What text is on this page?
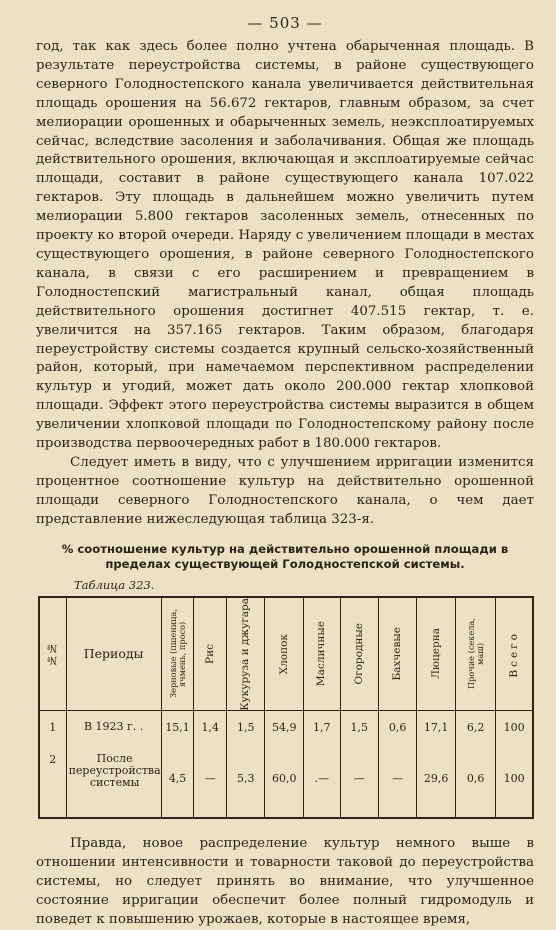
— 503 —

год, так как здесь более полно учтена обарыченная площадь. В результате переустройства системы, в районе существующего северного Голодностепского канала увеличивается действительная площадь орошения на 56.672 гектаров, главным образом, за счет мелиорации орошенных и обарыченных земель, неэксплоатируемых сейчас, вследствие засоления и заболачивания. Общая же площадь действительного орошения, включающая и эксплоатируемые сейчас площади, составит в районе существующего канала 107.022 гектаров. Эту площадь в дальнейшем можно увеличить путем мелиорации 5.800 гектаров засоленных земель, отнесенных по проекту ко второй очереди. Наряду с увеличением площади в местах существующего орошения, в районе северного Голодностепского канала, в связи с его расширением и превращением в Голодностепский магистральный канал, общая площадь действительного орошения достигнет 407.515 гектар, т. е. увеличится на 357.165 гектаров. Таким образом, благодаря переустройству системы создается крупный сельско-хозяйственный район, который, при намечаемом перспективном распределении культур и угодий, может дать около 200.000 гектар хлопковой площади. Эффект этого переустройства системы выразится в общем увеличении хлопковой площади по Голодностепскому району после производства первоочередных работ в 180.000 гектаров.

Следует иметь в виду, что с улучшением ирригации изменится процентное соотношение культур на действительно орошенной площади северного Голодностепского канала, о чем дает представление нижеследующая таблица 323-я.

% соотношение культур на действительно орошенной площади в пределах существующей Голодностепской системы.
Таблица 323.
№№	Периоды	Зерновые (пшеница, ячмень, просо)	Рис	Кукуруза и джугара	Хлопок	Масличные	Огородные	Бахчевые	Люцерна	Прочие (секела, маш)	Всего

1	В 1923 г. .	15,1	1,4	1,5	54,9	1,7	1,5	0,6	17,1	6,2	100
2	После переустройства системы	4,5	—	5,3	60,0	.—	—	—	29,6	0,6	100

Правда, новое распределение культур немного выше в отношении интенсивности и товарности таковой до переустройства системы, но следует принять во внимание, что улучшенное состояние ирригации обеспечит более полный гидромодуль и поведет к повышению урожаев, которые в настоящее время,
